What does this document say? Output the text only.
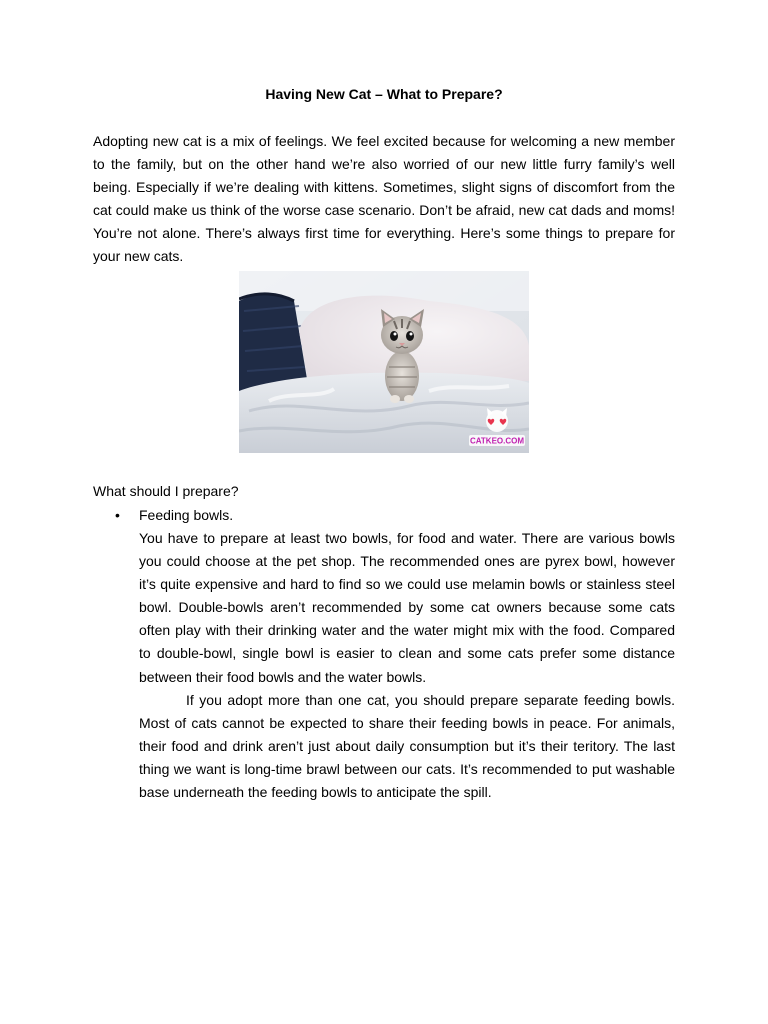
Having New Cat – What to Prepare?
Adopting new cat is a mix of feelings. We feel excited because for welcoming a new member to the family, but on the other hand we’re also worried of our new little furry family’s well being. Especially if we’re dealing with kittens. Sometimes, slight signs of discomfort from the cat could make us think of the worse case scenario. Don’t be afraid, new cat dads and moms! You’re not alone. There’s always first time for everything. Here’s some things to prepare for your new cats.
CATKEO.COM
What should I prepare?
•	Feeding bowls.
You have to prepare at least two bowls, for food and water. There are various bowls you could choose at the pet shop. The recommended ones are pyrex bowl, however it’s quite expensive and hard to find so we could use melamin bowls or stainless steel bowl. Double-bowls aren’t recommended by some cat owners because some cats often play with their drinking water and the water might mix with the food. Compared to double-bowl, single bowl is easier to clean and some cats prefer some distance between their food bowls and the water bowls.
If you adopt more than one cat, you should prepare separate feeding bowls. Most of cats cannot be expected to share their feeding bowls in peace. For animals, their food and drink aren’t just about daily consumption but it’s their teritory. The last thing we want is long-time brawl between our cats. It’s recommended to put washable base underneath the feeding bowls to anticipate the spill.
